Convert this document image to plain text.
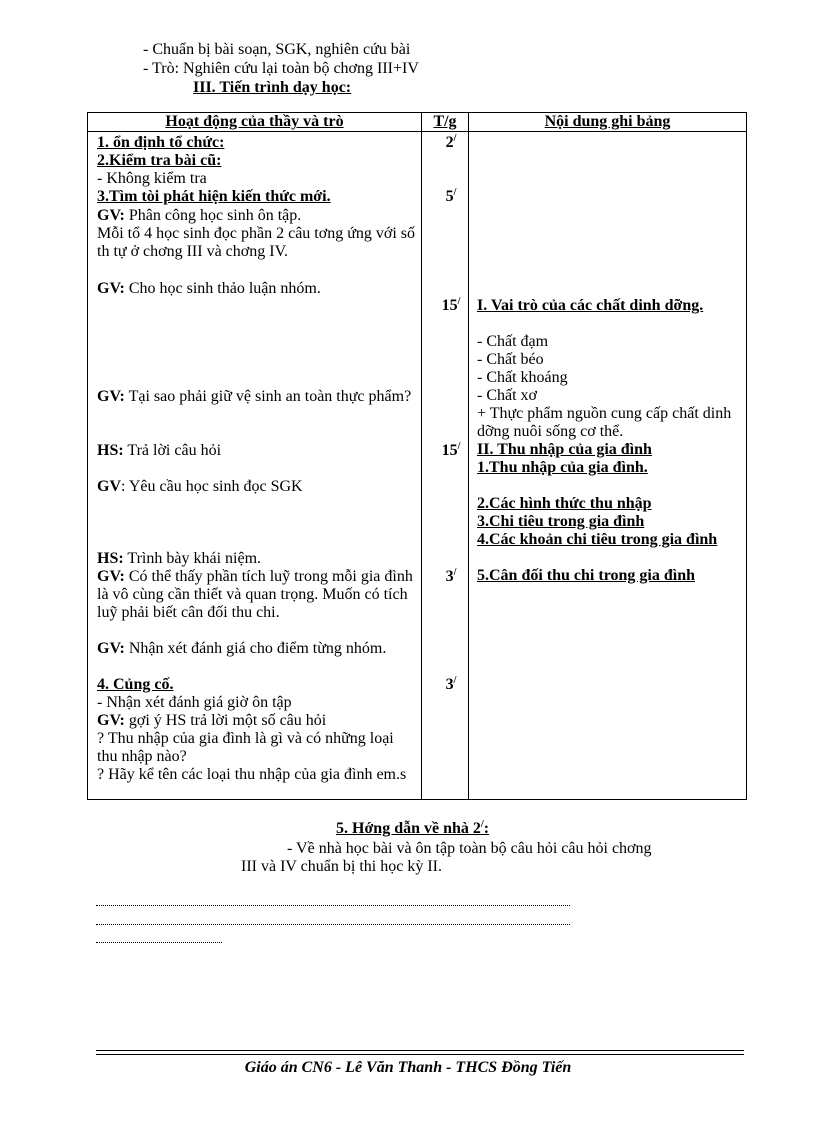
- Chuẩn bị bài soạn, SGK, nghiên cứu bài
- Trò: Nghiên cứu lại toàn bộ chơng III+IV
III. Tiến trình dạy học:
Hoạt động của thầy và trò	T/g	Nội dung ghi bảng
1. ổn định tổ chức:
2.Kiểm tra bài cũ:
- Không kiểm tra
3.Tìm tòi phát hiện kiến thức mới.
GV: Phân công học sinh ôn tập.
Mỗi tổ 4 học sinh đọc phần 2 câu tơng ứng với số th tự ở chơng III và chơng IV.
GV: Cho học sinh thảo luận nhóm.
GV: Tại sao phải giữ vệ sinh an toàn thực phẩm?
HS: Trả lời câu hỏi
GV: Yêu cầu học sinh đọc SGK
HS: Trình bày khái niệm.
GV: Có thể thấy phần tích luỹ trong mỗi gia đình là vô cùng cần thiết và quan trọng. Muốn có tích luỹ phải biết cân đối thu chi.
GV: Nhận xét đánh giá cho điểm từng nhóm.
4. Củng cố.
- Nhận xét đánh giá giờ ôn tập
GV: gợi ý HS trả lời một số câu hỏi
? Thu nhập của gia đình là gì và có những loại thu nhập nào?
? Hãy kể tên các loại thu nhập của gia đình em.s
2/
5/
15/
15/
3/
3/
I. Vai trò của các chất dinh dỡng.
- Chất đạm
- Chất béo
- Chất khoáng
- Chất xơ
+ Thực phẩm nguồn cung cấp chất dinh dỡng nuôi sống cơ thể.
II. Thu nhập của gia đình
1.Thu nhập của gia đình.
2.Các hình thức thu nhập
3.Chi tiêu trong gia đình
4.Các khoản chi tiêu trong gia đình
5.Cân đối thu chi trong gia đình
5. Hớng dẫn về nhà 2/:
- Về nhà học bài và ôn tập toàn bộ câu hỏi câu hỏi chơng
III và IV chuẩn bị thi học kỳ II.
Giáo án CN6 - Lê Văn Thanh - THCS Đồng Tiến
